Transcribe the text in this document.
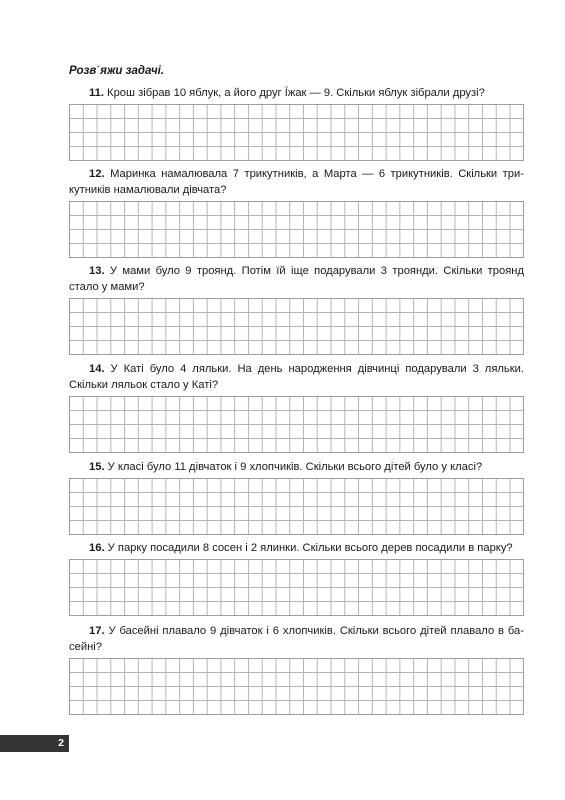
Розв΄яжи задачі.

11. Крош зібрав 10 яблук, а його друг Їжак — 9. Скільки яблук зібрали друзі?

12. Маринка намалювала 7 трикутників, а Марта — 6 трикутників. Скільки трикутників намалювали дівчата?

13. У мами було 9 троянд. Потім їй іще подарували 3 троянди. Скільки троянд стало у мами?

14. У Каті було 4 ляльки. На день народження дівчинці подарували 3 ляльки. Скільки ляльок стало у Каті?

15. У класі було 11 дівчаток і 9 хлопчиків. Скільки всього дітей було у класі?

16. У парку посадили 8 сосен і 2 ялинки. Скільки всього дерев посадили в парку?

17. У басейні плавало 9 дівчаток і 6 хлопчиків. Скільки всього дітей плавало в басейні?

2
